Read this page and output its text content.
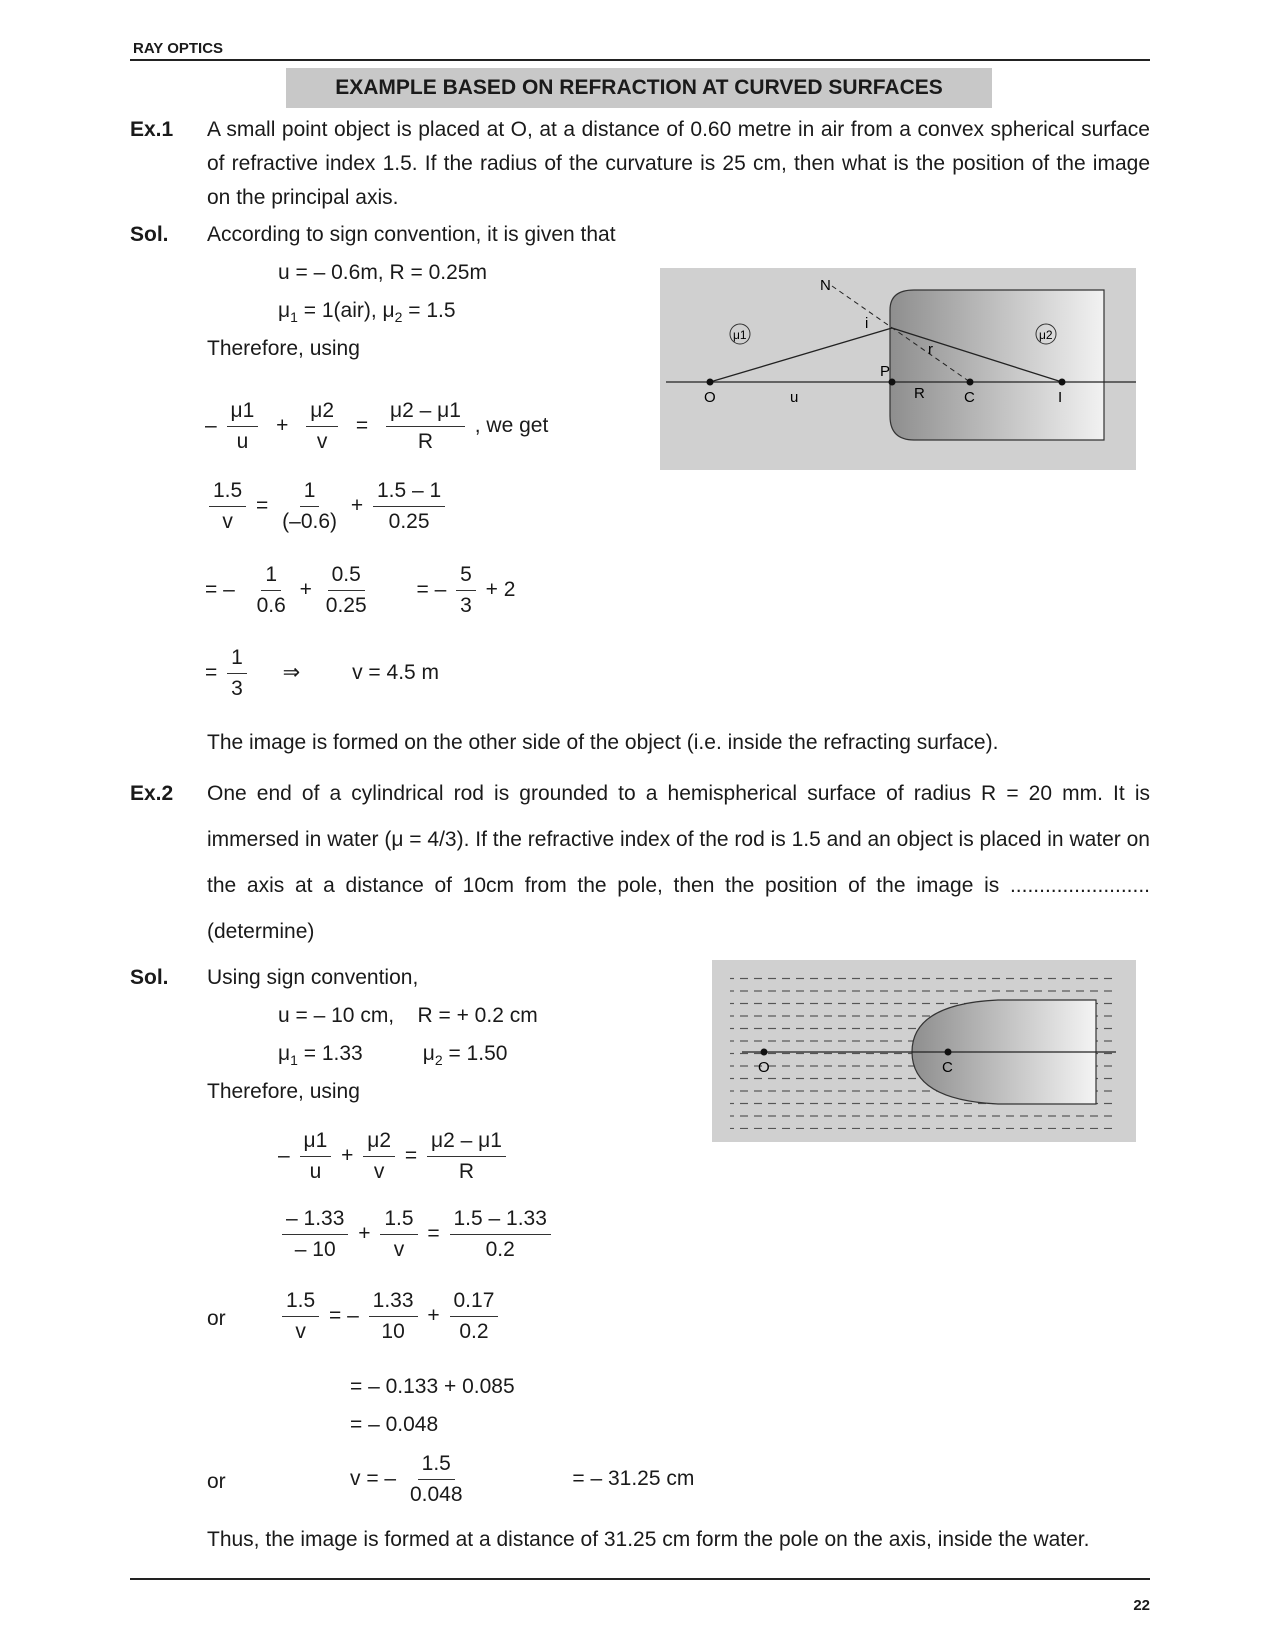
RAY OPTICS
EXAMPLE BASED ON REFRACTION AT CURVED SURFACES
Ex.1 A small point object is placed at O, at a distance of 0.60 metre in air from a convex spherical surface of refractive index 1.5. If the radius of the curvature is 25 cm, then what is the position of the image on the principal axis.
Sol. According to sign convention, it is given that
u = – 0.6m, R = 0.25m
$\mu_1 = 1(air)$, $\mu_2 = 1.5$
Therefore, using
– $\frac{\mu 1}{u} + \frac{\mu 2}{v} = \frac{\mu 2 - \mu 1}{R}$ , we get
$\frac{1.5}{v} = \frac{1}{(-0.6)} + \frac{1.5 - 1}{0.25}$
= – $\frac{1}{0.6} + \frac{0.5}{0.25}$ = – $\frac{5}{3} + 2$
= $\frac{1}{3}$ ⇒ v = 4.5 m
The image is formed on the other side of the object (i.e. inside the refracting surface).
μ1	μ2
N
i
r
P
O	u	R	C	I
Ex.2 One end of a cylindrical rod is grounded to a hemispherical surface of radius R = 20 mm. It is immersed in water (μ = 4/3). If the refractive index of the rod is 1.5 and an object is placed in water on the axis at a distance of 10cm from the pole, then the position of the image is ........................ (determine)
Sol. Using sign convention,
u = – 10 cm,    R = + 0.2 cm
$\mu_1 = 1.33$	$\mu_2 = 1.50$
Therefore, using
– $\frac{\mu 1}{u} + \frac{\mu 2}{v} = \frac{\mu 2 - \mu 1}{R}$
$\frac{- 1.33}{- 10} + \frac{1.5}{v} = \frac{1.5 - 1.33}{0.2}$
or	$\frac{1.5}{v}$ = – $\frac{1.33}{10} + \frac{0.17}{0.2}$
= – 0.133 + 0.085
= – 0.048
or	v = – $\frac{1.5}{0.048}$	= – 31.25 cm
Thus, the image is formed at a distance of 31.25 cm form the pole on the axis, inside the water.
O	C
22
